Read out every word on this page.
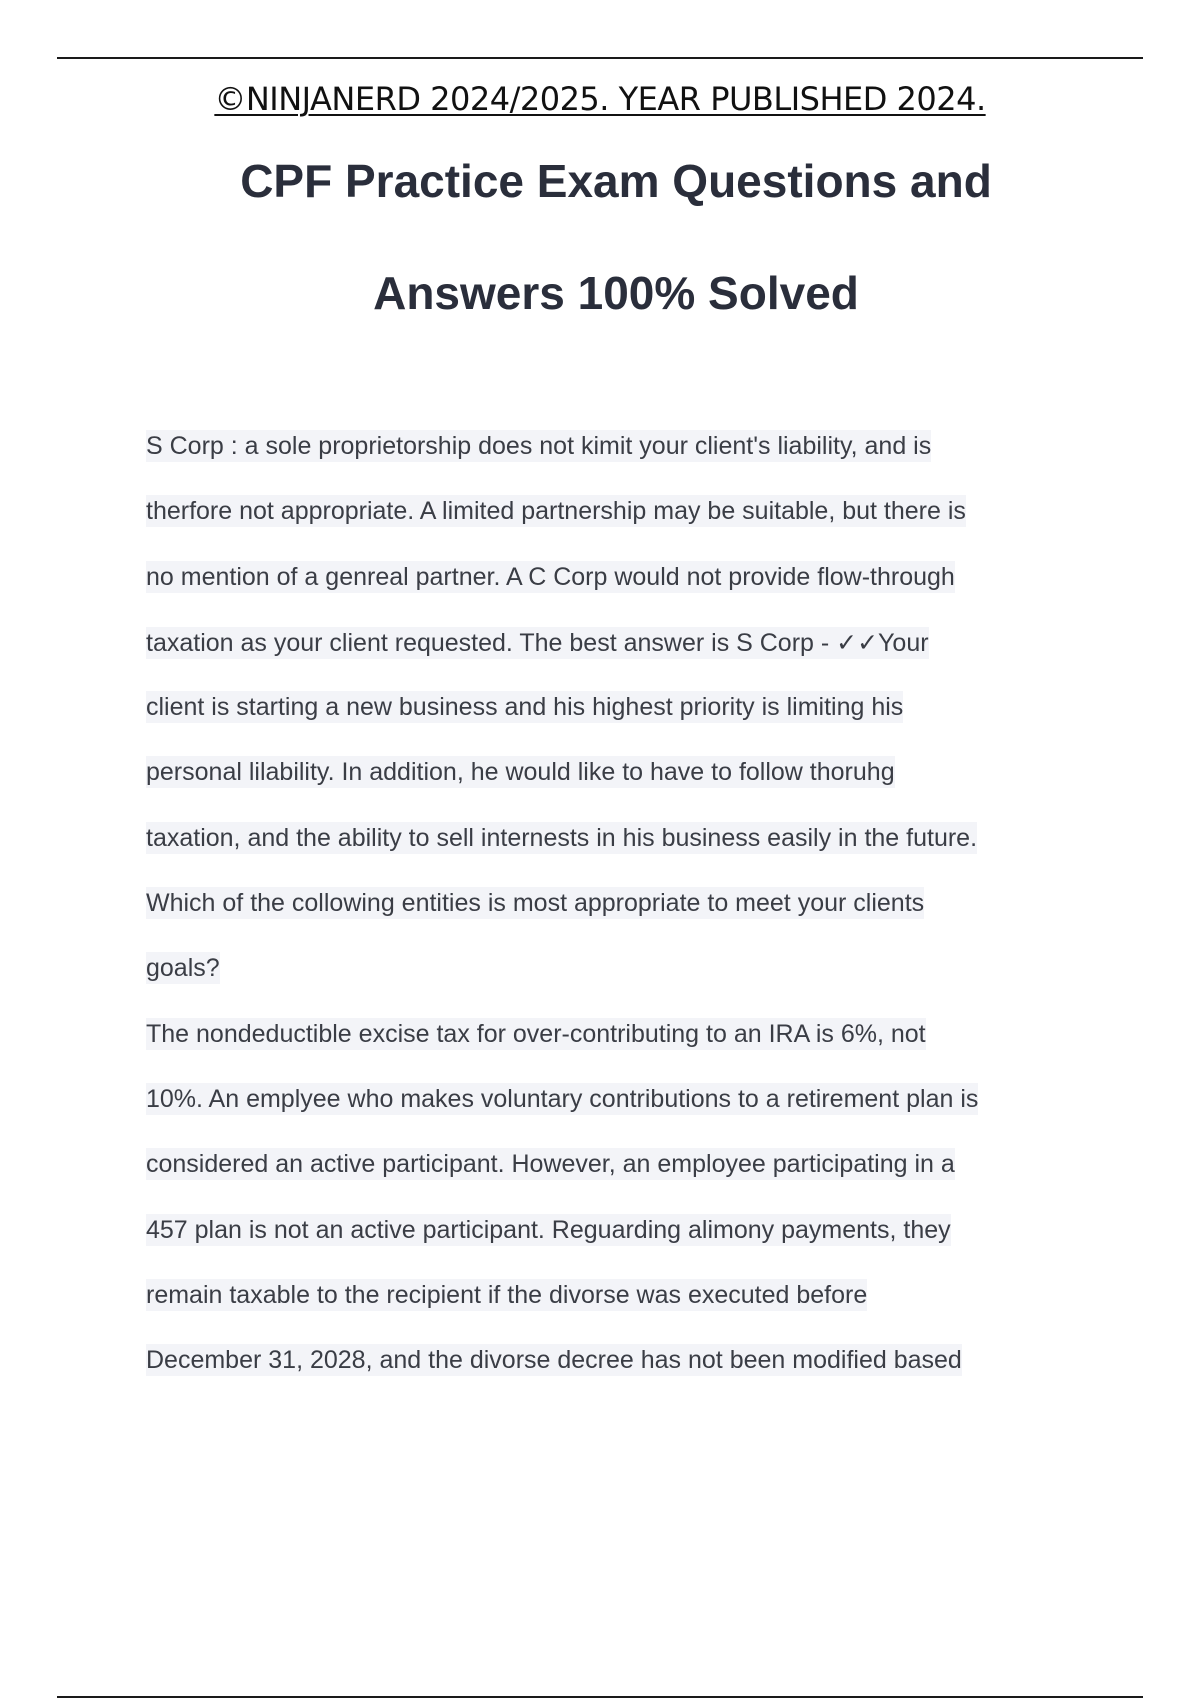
©NINJANERD 2024/2025. YEAR PUBLISHED 2024.
CPF Practice Exam Questions and
Answers 100% Solved
S Corp : a sole proprietorship does not kimit your client's liability, and is
therfore not appropriate. A limited partnership may be suitable, but there is
no mention of a genreal partner. A C Corp would not provide flow-through
taxation as your client requested. The best answer is S Corp - ✓✓Your
client is starting a new business and his highest priority is limiting his
personal lilability. In addition, he would like to have to follow thoruhg
taxation, and the ability to sell internests in his business easily in the future.
Which of the collowing entities is most appropriate to meet your clients
goals?
The nondeductible excise tax for over-contributing to an IRA is 6%, not
10%. An emplyee who makes voluntary contributions to a retirement plan is
considered an active participant. However, an employee participating in a
457 plan is not an active participant. Reguarding alimony payments, they
remain taxable to the recipient if the divorse was executed before
December 31, 2028, and the divorse decree has not been modified based
